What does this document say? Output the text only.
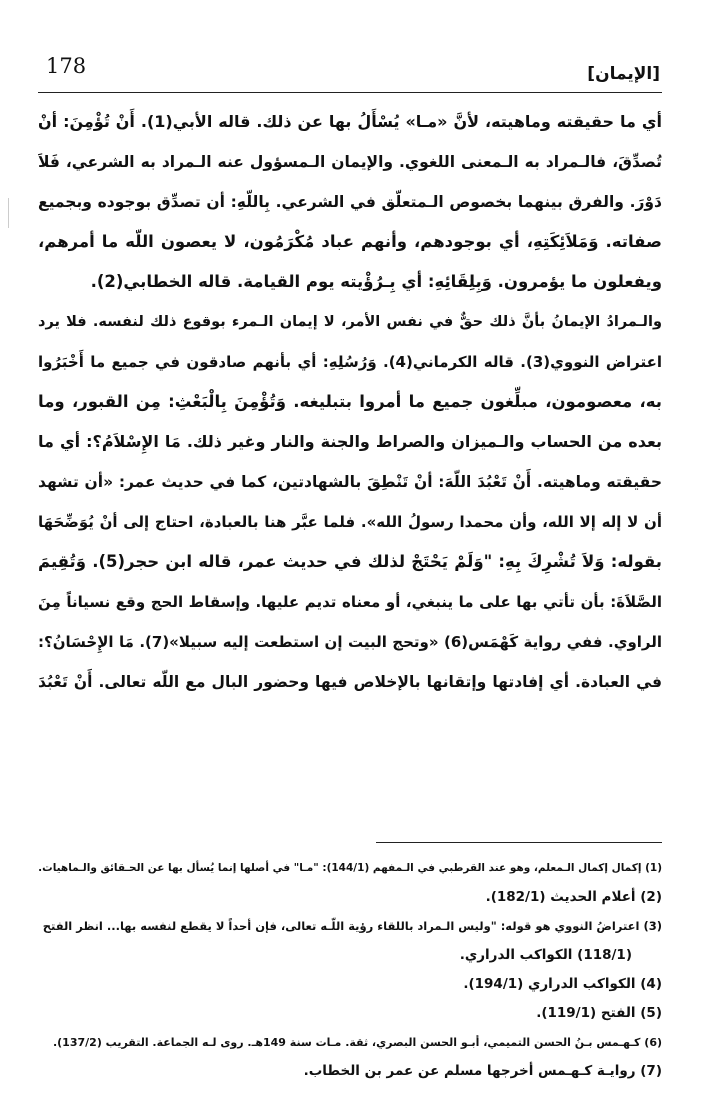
178	[الإيمان]
أي ما حقيقته وماهيته، لأنَّ «مـا» يُسْأَلُ بها عن ذلك. قاله الأبي(1). أَنْ تُؤْمِنَ: أنْ
تُصدِّقَ، فالـمراد به الـمعنى اللغوي. والإيمان الـمسؤول عنه الـمراد به الشرعي، فَلاَ
دَوْرَ. والفرق بينهما بخصوص الـمتعلّق في الشرعي. بِاللّهِ: أن تصدِّق بوجوده وبجميع
صفاته. وَمَلاَئِكَتِهِ، أي بوجودهم، وأنهم عباد مُكْرَمُون، لا يعصون اللّه ما أمرهم،
ويفعلون ما يؤمرون. وَبِلِقَائِهِ: أي بِـرُؤْيته يوم القيامة. قاله الخطابي(2).
والـمرادُ الإيمانُ بأنَّ ذلك حقٌّ في نفس الأمر، لا إيمان الـمرء بوقوع ذلك لنفسه. فلا يرد
اعتراض النووي(3). قاله الكرماني(4). وَرُسُلِهِ: أي بأنهم صادقون في جميع ما أَخْبَرُوا
به، معصومون، مبلِّغون جميع ما أمروا بتبليغه. وَتُؤْمِنَ بِالْبَعْثِ: مِن القبور، وما
بعده من الحساب والـميزان والصراط والجنة والنار وغير ذلك. مَا الإِسْلاَمُ؟: أي ما
حقيقته وماهيته. أَنْ تَعْبُدَ اللّهَ: أنْ تَنْطِقَ بالشهادتين، كما في حديث عمر: «أن تشهد
أن لا إله إلا الله، وأن محمدا رسولُ الله». فلما عبَّر هنا بالعبادة، احتاج إلى أنْ يُوَضِّحَهَا
بقوله: وَلاَ تُشْرِكَ بِهِ: "وَلَمْ يَحْتَجْ لذلك في حديث عمر، قاله ابن حجر(5). وَتُقِيمَ
الصَّلاَةَ: بأن تأتي بها على ما ينبغي، أو معناه تديم عليها. وإسقاط الحج وقع نسياناً مِنَ
الراوي. ففي رواية كَهْمَس(6) «وتحج البيت إن استطعت إليه سبيلا»(7). مَا الإِحْسَانُ؟:
في العبادة. أي إفادتها وإتقانها بالإخلاص فيها وحضور البال مع اللّه تعالى. أَنْ تَعْبُدَ
(1) إكمال إكمال الـمعلم، وهو عند القرطبي في الـمفهم (144/1): "مـا" في أصلها إنما يُسأل بها عن الحـقائق والـماهيات.
(2) أعلام الحديث (182/1).
(3) اعتراضُ النووي هو قوله: "وليس الـمراد باللقاء رؤية اللّـه تعالى، فإن أحداً لا يقطع لنفسه بها... انظر الفتح
(118/1) الكواكب الدراري.
(4) الكواكب الدراري (194/1).
(5) الفتح (119/1).
(6) كـهـمس بـنُ الحسن التميمي، أبـو الحسن البصري، ثقة. مـات سنة 149هـ. روى لـه الجماعة. التقريب (137/2).
(7) روايـة كـهـمس أخرجها مسلم عن عمر بن الخطاب.
